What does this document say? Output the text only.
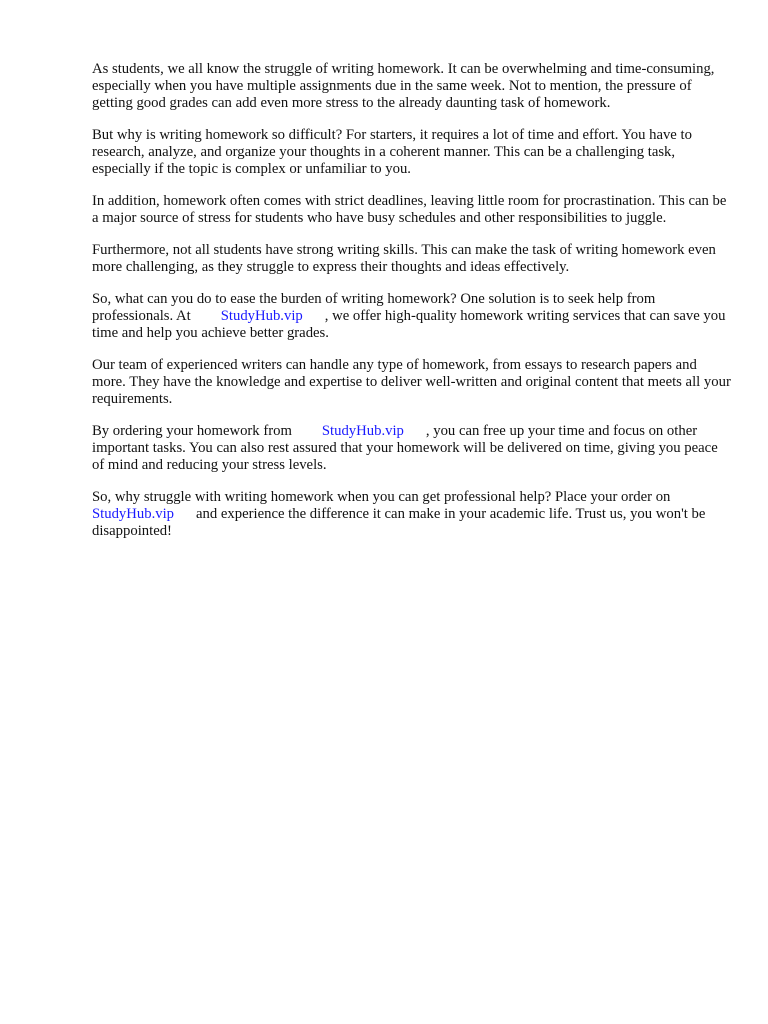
As students, we all know the struggle of writing homework. It can be overwhelming and time-consuming, especially when you have multiple assignments due in the same week. Not to mention, the pressure of getting good grades can add even more stress to the already daunting task of homework.

But why is writing homework so difficult? For starters, it requires a lot of time and effort. You have to research, analyze, and organize your thoughts in a coherent manner. This can be a challenging task, especially if the topic is complex or unfamiliar to you.

In addition, homework often comes with strict deadlines, leaving little room for procrastination. This can be a major source of stress for students who have busy schedules and other responsibilities to juggle.

Furthermore, not all students have strong writing skills. This can make the task of writing homework even more challenging, as they struggle to express their thoughts and ideas effectively.

So, what can you do to ease the burden of writing homework? One solution is to seek help from professionals. At StudyHub.vip , we offer high-quality homework writing services that can save you time and help you achieve better grades.

Our team of experienced writers can handle any type of homework, from essays to research papers and more. They have the knowledge and expertise to deliver well-written and original content that meets all your requirements.

By ordering your homework from StudyHub.vip , you can free up your time and focus on other important tasks. You can also rest assured that your homework will be delivered on time, giving you peace of mind and reducing your stress levels.

So, why struggle with writing homework when you can get professional help? Place your order onStudyHub.vip and experience the difference it can make in your academic life. Trust us, you won't be disappointed!
